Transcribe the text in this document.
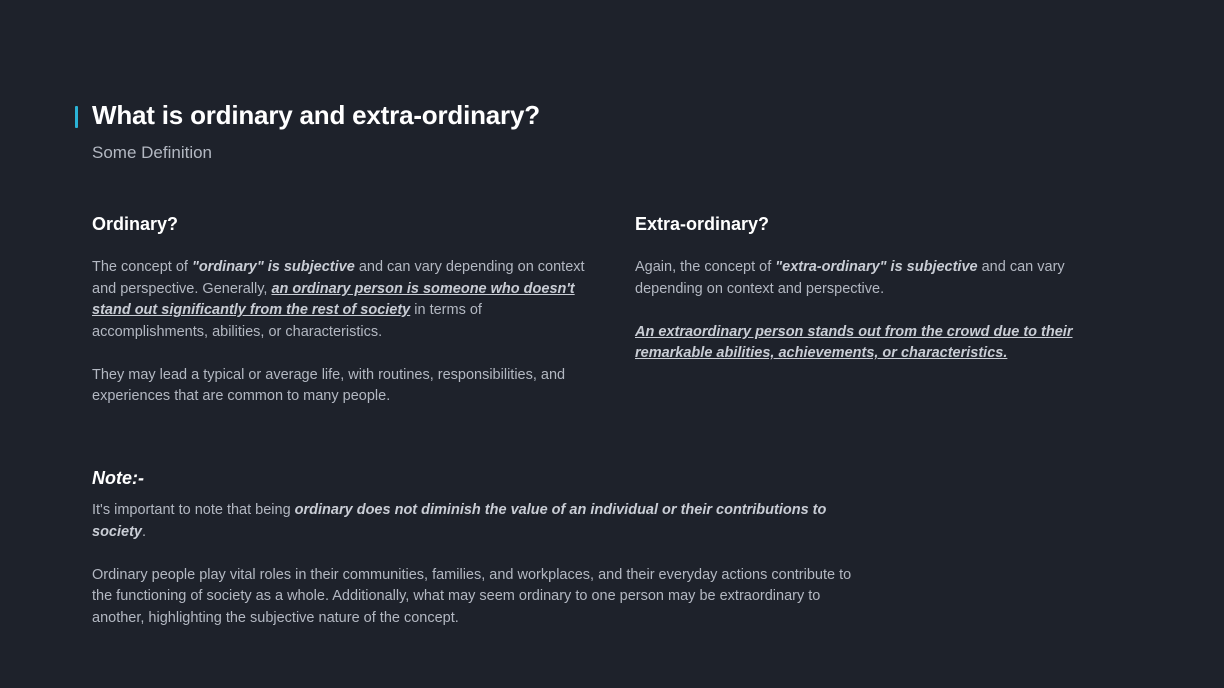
What is ordinary and extra-ordinary?
Some Definition
Ordinary?

The concept of "ordinary" is subjective and can vary depending on context and perspective. Generally, an ordinary person is someone who doesn't stand out significantly from the rest of society in terms of accomplishments, abilities, or characteristics.

They may lead a typical or average life, with routines, responsibilities, and experiences that are common to many people.

Extra-ordinary?

Again, the concept of "extra-ordinary" is subjective and can vary depending on context and perspective.

An extraordinary person stands out from the crowd due to their remarkable abilities, achievements, or characteristics.

Note:-

It's important to note that being ordinary does not diminish the value of an individual or their contributions to society.

Ordinary people play vital roles in their communities, families, and workplaces, and their everyday actions contribute to the functioning of society as a whole. Additionally, what may seem ordinary to one person may be extraordinary to another, highlighting the subjective nature of the concept.
